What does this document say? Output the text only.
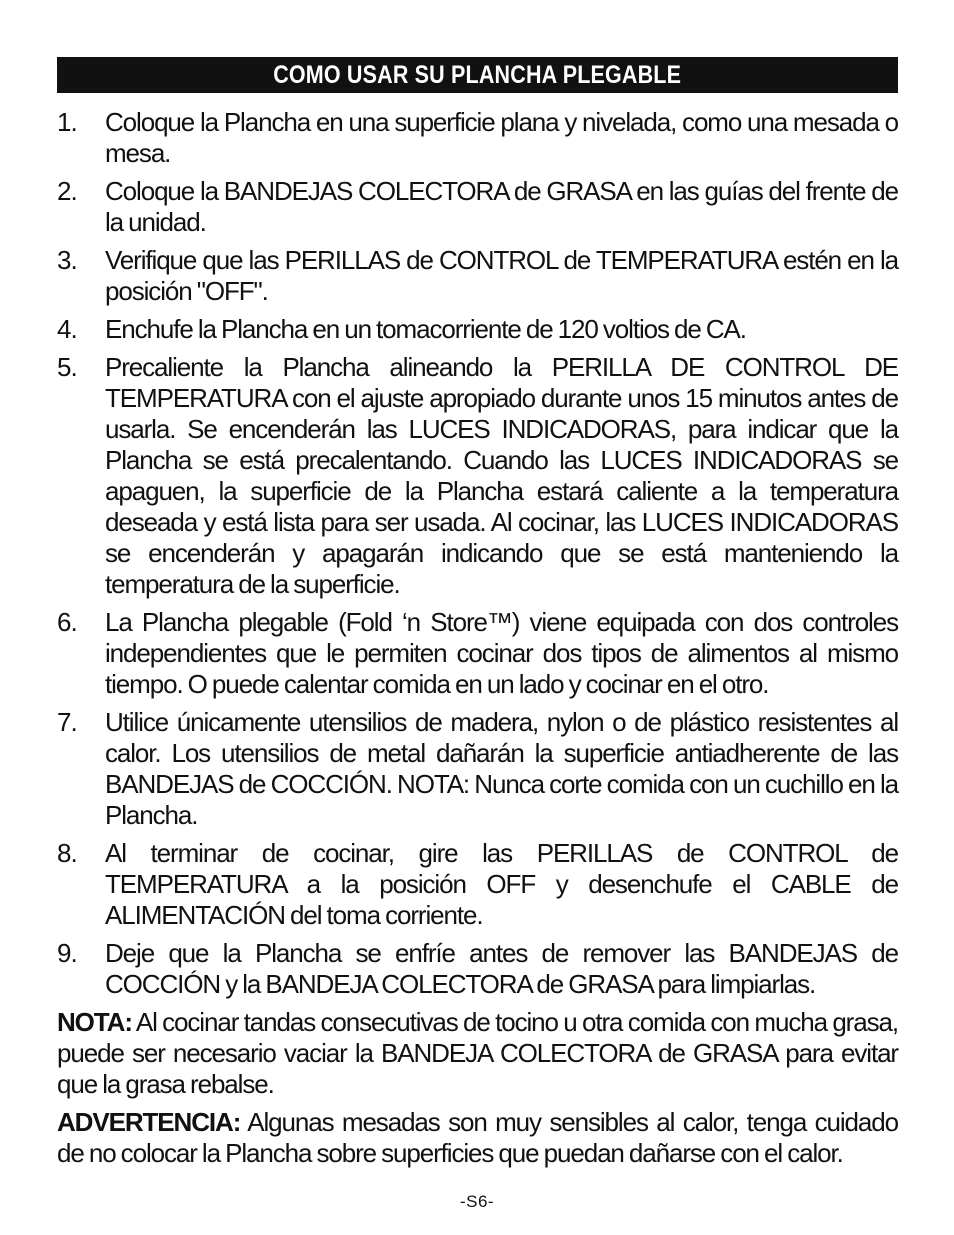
COMO USAR SU PLANCHA PLEGABLE
1.	Coloque la Plancha en una superficie plana y nivelada, como una mesada o mesa.
2.	Coloque la BANDEJAS COLECTORA de GRASA en las guías del frente de la unidad.
3.	Verifique que las PERILLAS de CONTROL de TEMPERATURA estén en la posición "OFF".
4.	Enchufe la Plancha en un tomacorriente de 120 voltios de CA.
5.	Precaliente la Plancha alineando la PERILLA DE CONTROL DE TEMPERATURA con el ajuste apropiado durante unos 15 minutos antes de usarla. Se encenderán las LUCES INDICADORAS, para indicar que la Plancha se está precalentando. Cuando las LUCES INDICADORAS se apaguen, la superficie de la Plancha estará caliente a la temperatura deseada y está lista para ser usada. Al cocinar, las LUCES INDICADORAS se encenderán y apagarán indicando que se está manteniendo la temperatura de la superficie.
6.	La Plancha plegable (Fold ‘n Store™) viene equipada con dos controles independientes que le permiten cocinar dos tipos de alimentos al mismo tiempo. O puede calentar comida en un lado y cocinar en el otro.
7.	Utilice únicamente utensilios de madera, nylon o de plástico resistentes al calor. Los utensilios de metal dañarán la superficie antiadherente de las BANDEJAS de COCCIÓN. NOTA: Nunca corte comida con un cuchillo en la Plancha.
8.	Al terminar de cocinar, gire las PERILLAS de CONTROL de TEMPERATURA a la posición OFF y desenchufe el CABLE de ALIMENTACIÓN del toma corriente.
9.	Deje que la Plancha se enfríe antes de remover las BANDEJAS de COCCIÓN y la BANDEJA COLECTORA de GRASA para limpiarlas.

NOTA: Al cocinar tandas consecutivas de tocino u otra comida con mucha grasa, puede ser necesario vaciar la BANDEJA COLECTORA de GRASA para evitar que la grasa rebalse.

ADVERTENCIA: Algunas mesadas son muy sensibles al calor, tenga cuidado de no colocar la Plancha sobre superficies que puedan dañarse con el calor.

-S6-
